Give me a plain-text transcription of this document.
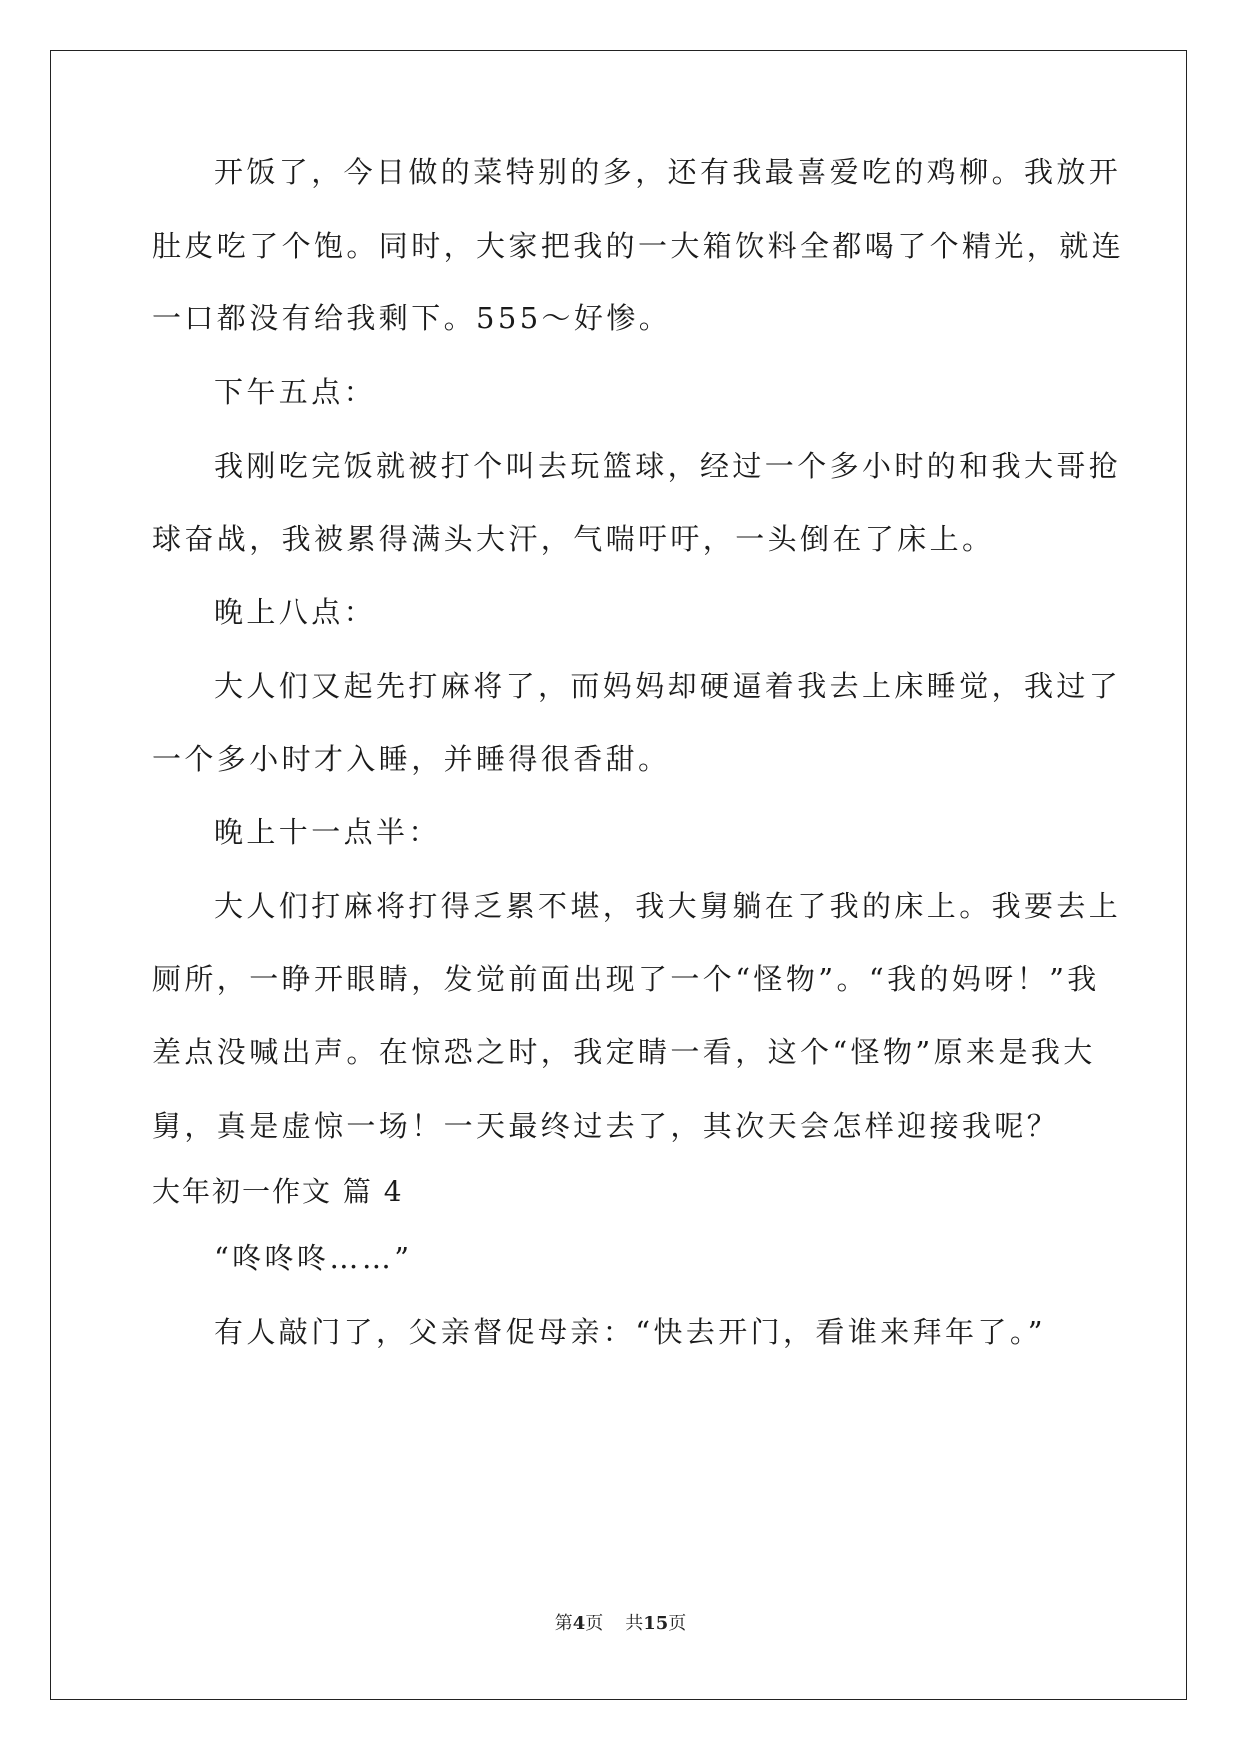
开饭了，今日做的菜特别的多，还有我最喜爱吃的鸡柳。我放开
肚皮吃了个饱。同时，大家把我的一大箱饮料全都喝了个精光，就连
一口都没有给我剩下。555～好惨。
下午五点：
我刚吃完饭就被打个叫去玩篮球，经过一个多小时的和我大哥抢
球奋战，我被累得满头大汗，气喘吁吁，一头倒在了床上。
晚上八点：
大人们又起先打麻将了，而妈妈却硬逼着我去上床睡觉，我过了
一个多小时才入睡，并睡得很香甜。
晚上十一点半：
大人们打麻将打得乏累不堪，我大舅躺在了我的床上。我要去上
厕所，一睁开眼睛，发觉前面出现了一个“怪物”。“我的妈呀！”我
差点没喊出声。在惊恐之时，我定睛一看，这个“怪物”原来是我大
舅，真是虚惊一场！一天最终过去了，其次天会怎样迎接我呢？
大年初一作文 篇 4
“咚咚咚……”
有人敲门了，父亲督促母亲：“快去开门，看谁来拜年了。”
第4页 共15页
